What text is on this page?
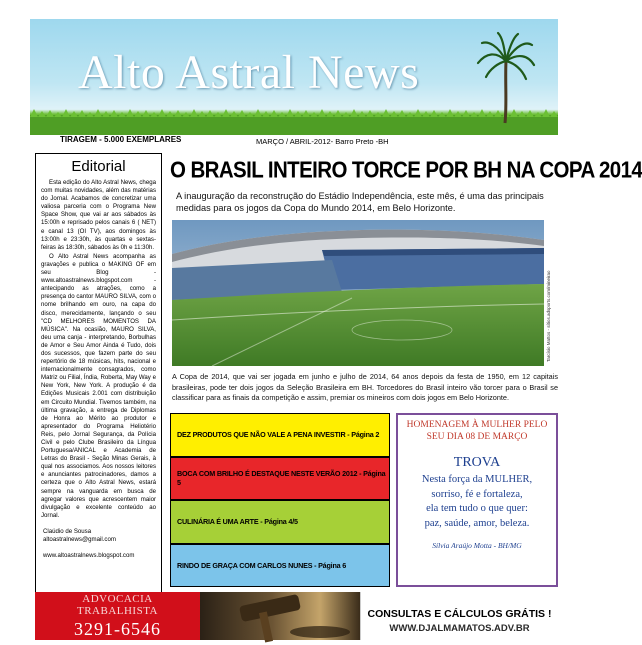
Alto Astral News
TIRAGEM - 5.000 EXEMPLARES	MARÇO / ABRIL-2012- Barro Preto -BH
Editorial

Esta edição do Alto Astral News, chega com muitas novidades, além das matérias do Jornal. Acabamos de concretizar uma valiosa parceria com o Programa New Space Show, que vai ar aos sábados às 15:00h e reprisado pelos canais 6 ( NET) e canal 13 (OI TV), aos domingos às 13:00h e 23:30h, às quartas e sextas-feiras às 18:30h, sábados às 0h e 11:30h.

O Alto Astral News acompanha as gravações e publica o MAKING OF em seu Blog - www.altoastralnews.blogspot.com - antecipando as atrações, como a presença do cantor MAURO SILVA, com o nome brilhando em ouro, na capa do disco, merecidamente, lançando o seu "CD MELHORES MOMENTOS DA MÚSICA". Na ocasião, MAURO SILVA, deu uma canja - interpretando, Borbulhas de Amor e Seu Amor Ainda é Tudo, dois dos sucessos, que fazem parte do seu repertório de 18 músicas, hits, nacional e internacionalmente consagrados, como Matriz ou Filial, Índia, Roberta, May Way e New York, New York. A produção é da Edições Musicais 2.001 com distribuição em Circuito Mundial. Tivemos também, na última gravação, a entrega de Diplomas de Honra ao Mérito ao produtor e apresentador do Programa Heliotério Reis, pelo Jornal Segurança, da Polícia Civil e pelo Clube Brasileiro da Língua Portuguesa/ANICAL e Academia de Letras do Brasil - Seção Minas Gerais, à qual nos associamos. Aos nossos leitores e anunciantes patrocinadores, damos a certeza que o Alto Astral News, estará sempre na vanguarda em busca de agregar valores que acrescentem maior divulgação e excelente conteúdo ao Jornal.

Claúdio de Sousa
altoastralnews@gmail.com
www.altoastralnews.blogspot.com
O BRASIL INTEIRO TORCE POR BH NA COPA 2014
A inauguração da reconstrução do Estádio Independência, este mês, é uma das principais medidas para os jogos da Copa do Mundo 2014, em Belo Horizonte.
Tarcísio Mattos - sítios.adsports.com/mineirao
A Copa de 2014, que vai ser jogada em junho e julho de 2014, 64 anos depois da festa de 1950, em 12 capitais brasileiras, pode ter dois jogos da Seleção Brasileira em BH. Torcedores do Brasil inteiro vão torcer para o Brasil se classificar para as finais da competição e assim, premiar os mineiros com dois jogos em Belo Horizonte.
DEZ PRODUTOS QUE NÃO VALE A PENA INVESTIR - Página 2
BOCA COM BRILHO É DESTAQUE NESTE VERÃO 2012 - Página 5
CULINÁRIA É UMA ARTE - Página 4/5
RINDO DE GRAÇA COM CARLOS NUNES - Página 6
HOMENAGEM À MULHER PELO SEU DIA 08 DE MARÇO
TROVA
Nesta força da MULHER,
sorriso, fé e fortaleza,
ela tem tudo o que quer:
paz, saúde, amor, beleza.
Sílvia Araújo Motta - BH/MG
ADVOCACIA
TRABALHISTA
3291-6546
CONSULTAS E CÁLCULOS GRÁTIS !
WWW.DJALMAMATOS.ADV.BR
